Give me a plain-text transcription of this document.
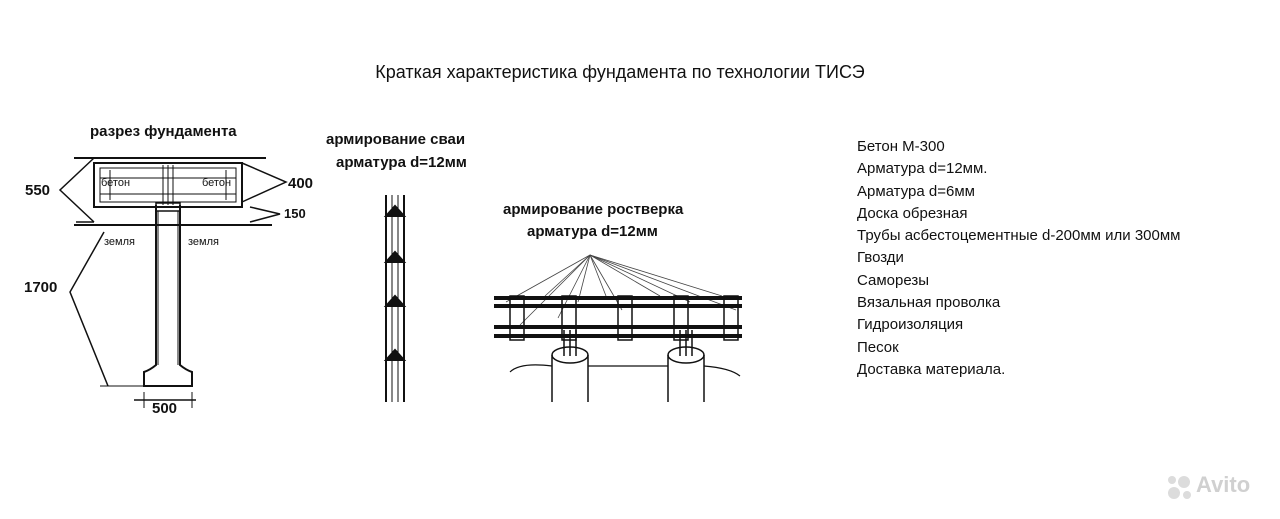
Краткая характеристика фундамента по технологии ТИСЭ
разрез фундамента
бетон	бетон
земля	земля
550	400
150
1700
500
армирование сваи
арматура d=12мм
армирование ростверка
арматура d=12мм
Бетон М-300
Арматура d=12мм.
Арматура d=6мм
Доска обрезная
Трубы асбестоцементные d-200мм или 300мм
Гвозди
Саморезы
Вязальная проволка
Гидроизоляция
Песок
Доставка материала.
Avito
